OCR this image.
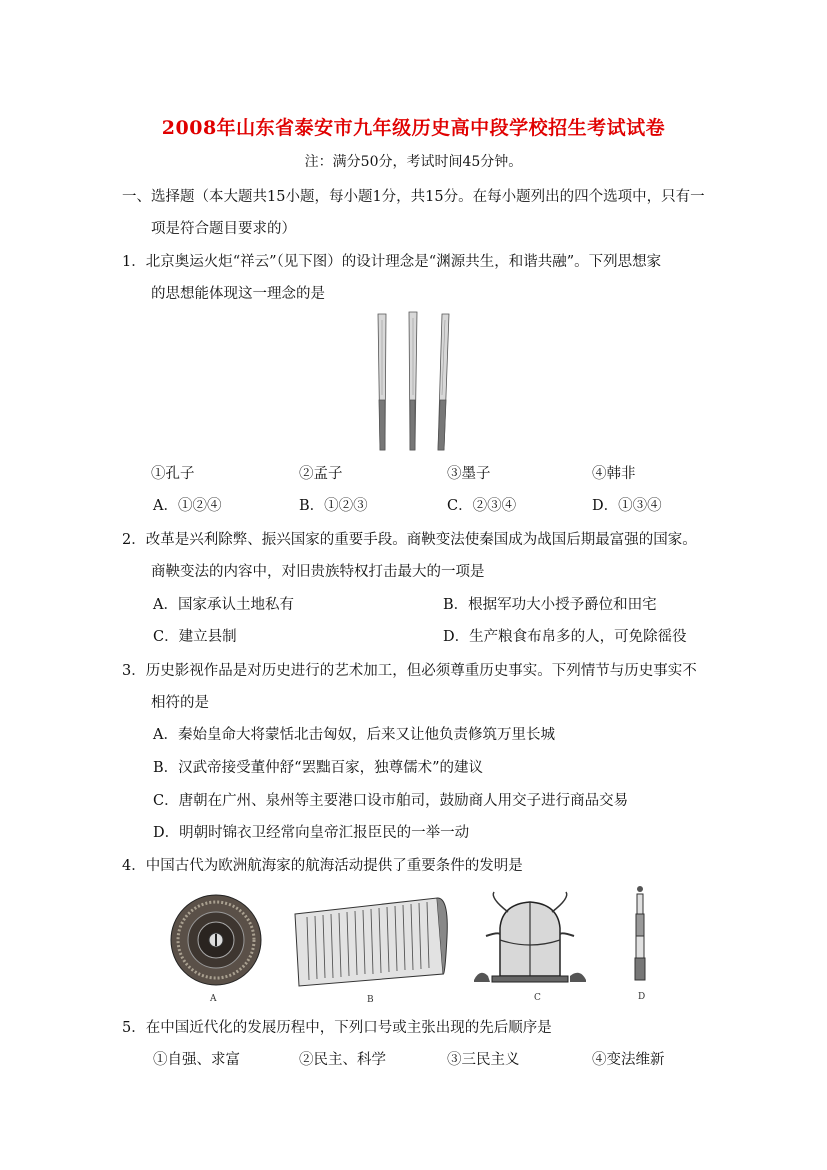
2008年山东省泰安市九年级历史高中段学校招生考试试卷
注：满分50分，考试时间45分钟。
一、选择题（本大题共15小题，每小题1分，共15分。在每小题列出的四个选项中，只有一
项是符合题目要求的）
1．北京奥运火炬“祥云”（见下图）的设计理念是“渊源共生，和谐共融”。下列思想家
的思想能体现这一理念的是
①孔子	②孟子	③墨子	④韩非
A．①②④	B．①②③	C．②③④	D．①③④
2．改革是兴利除弊、振兴国家的重要手段。商鞅变法使秦国成为战国后期最富强的国家。
商鞅变法的内容中，对旧贵族特权打击最大的一项是
A．国家承认土地私有	B．根据军功大小授予爵位和田宅
C．建立县制	D．生产粮食布帛多的人，可免除徭役
3．历史影视作品是对历史进行的艺术加工，但必须尊重历史事实。下列情节与历史事实不
相符的是
A．秦始皇命大将蒙恬北击匈奴，后来又让他负责修筑万里长城
B．汉武帝接受董仲舒“罢黜百家，独尊儒术”的建议
C．唐朝在广州、泉州等主要港口设市舶司，鼓励商人用交子进行商品交易
D．明朝时锦衣卫经常向皇帝汇报臣民的一举一动
4．中国古代为欧洲航海家的航海活动提供了重要条件的发明是
A	B	C	D
5．在中国近代化的发展历程中，下列口号或主张出现的先后顺序是
①自强、求富	②民主、科学	③三民主义	④变法维新
